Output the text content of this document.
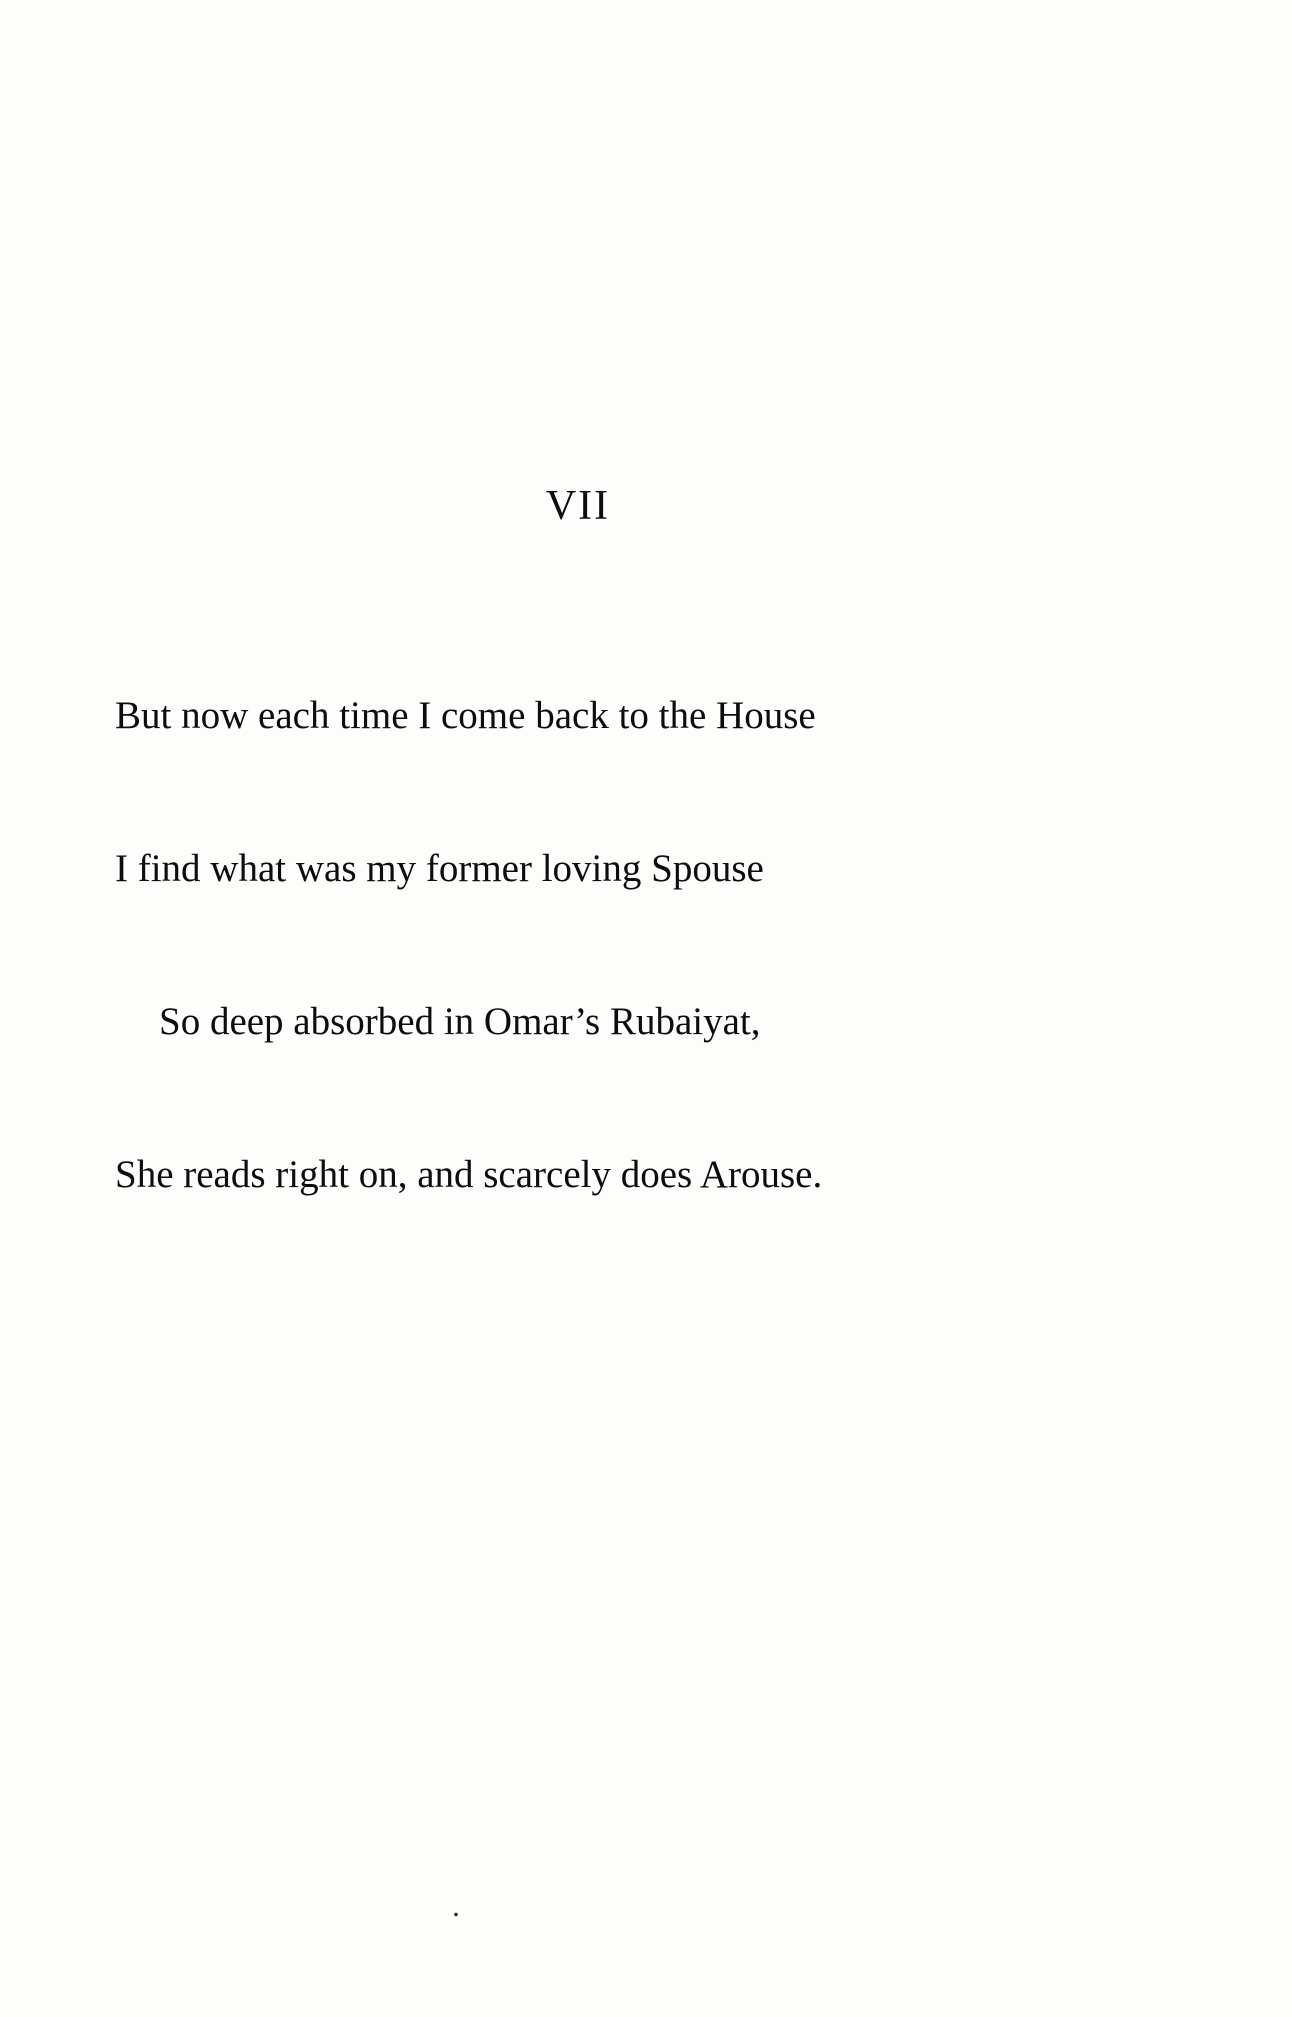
VII

But now each time I come back to the House

I find what was my former loving Spouse

So deep absorbed in Omar’s Rubaiyat,

She reads right on, and scarcely does Arouse.

.
